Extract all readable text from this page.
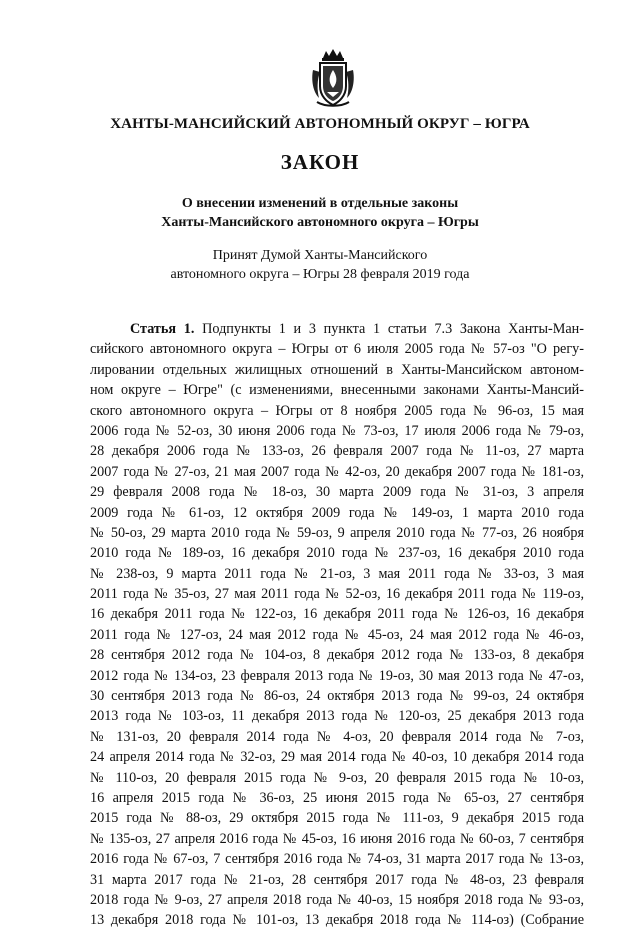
ХАНТЫ-МАНСИЙСКИЙ АВТОНОМНЫЙ ОКРУГ – ЮГРА
ЗАКОН
О внесении изменений в отдельные законы
Ханты-Мансийского автономного округа – Югры
Принят Думой Ханты-Мансийского
автономного округа – Югры 28 февраля 2019 года
Статья 1. Подпункты 1 и 3 пункта 1 статьи 7.3 Закона Ханты-Ман-
сийского автономного округа – Югры от 6 июля 2005 года № 57-оз "О регу-
лировании отдельных жилищных отношений в Ханты-Мансийском автоном-
ном округе – Югре" (с изменениями, внесенными законами Ханты-Мансий-
ского автономного округа – Югры от 8 ноября 2005 года № 96-оз, 15 мая
2006 года № 52-оз, 30 июня 2006 года № 73-оз, 17 июля 2006 года № 79-оз,
28 декабря 2006 года № 133-оз, 26 февраля 2007 года № 11-оз, 27 марта
2007 года № 27-оз, 21 мая 2007 года № 42-оз, 20 декабря 2007 года № 181-оз,
29 февраля 2008 года № 18-оз, 30 марта 2009 года № 31-оз, 3 апреля
2009 года № 61-оз, 12 октября 2009 года № 149-оз, 1 марта 2010 года
№ 50-оз, 29 марта 2010 года № 59-оз, 9 апреля 2010 года № 77-оз, 26 ноября
2010 года № 189-оз, 16 декабря 2010 года № 237-оз, 16 декабря 2010 года
№ 238-оз, 9 марта 2011 года № 21-оз, 3 мая 2011 года № 33-оз, 3 мая
2011 года № 35-оз, 27 мая 2011 года № 52-оз, 16 декабря 2011 года № 119-оз,
16 декабря 2011 года № 122-оз, 16 декабря 2011 года № 126-оз, 16 декабря
2011 года № 127-оз, 24 мая 2012 года № 45-оз, 24 мая 2012 года № 46-оз,
28 сентября 2012 года № 104-оз, 8 декабря 2012 года № 133-оз, 8 декабря
2012 года № 134-оз, 23 февраля 2013 года № 19-оз, 30 мая 2013 года № 47-оз,
30 сентября 2013 года № 86-оз, 24 октября 2013 года № 99-оз, 24 октября
2013 года № 103-оз, 11 декабря 2013 года № 120-оз, 25 декабря 2013 года
№ 131-оз, 20 февраля 2014 года № 4-оз, 20 февраля 2014 года № 7-оз,
24 апреля 2014 года № 32-оз, 29 мая 2014 года № 40-оз, 10 декабря 2014 года
№ 110-оз, 20 февраля 2015 года № 9-оз, 20 февраля 2015 года № 10-оз,
16 апреля 2015 года № 36-оз, 25 июня 2015 года № 65-оз, 27 сентября
2015 года № 88-оз, 29 октября 2015 года № 111-оз, 9 декабря 2015 года
№ 135-оз, 27 апреля 2016 года № 45-оз, 16 июня 2016 года № 60-оз, 7 сентября
2016 года № 67-оз, 7 сентября 2016 года № 74-оз, 31 марта 2017 года № 13-оз,
31 марта 2017 года № 21-оз, 28 сентября 2017 года № 48-оз, 23 февраля
2018 года № 9-оз, 27 апреля 2018 года № 40-оз, 15 ноября 2018 года № 93-оз,
13 декабря 2018 года № 101-оз, 13 декабря 2018 года № 114-оз) (Собрание
